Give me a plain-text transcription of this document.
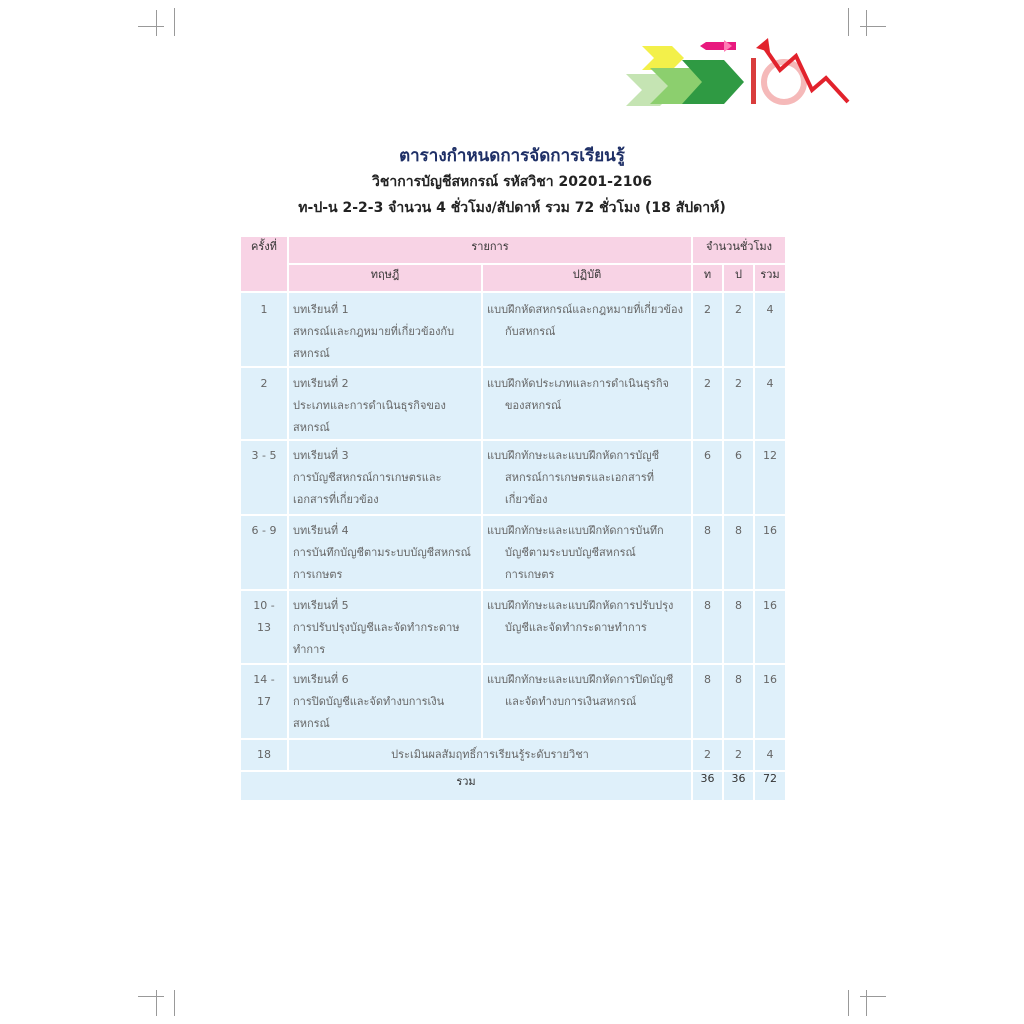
ตารางกำหนดการจัดการเรียนรู้
วิชาการบัญชีสหกรณ์ รหัสวิชา 20201-2106
ท-ป-น 2-2-3 จำนวน 4 ชั่วโมง/สัปดาห์ รวม 72 ชั่วโมง (18 สัปดาห์)
ครั้งที่	รายการ		จำนวนชั่วโมง		
	ทฤษฎี	ปฏิบัติ	ท	ป	รวม
1	บทเรียนที่ 1
สหกรณ์และกฎหมายที่เกี่ยวข้องกับ
สหกรณ์	แบบฝึกหัดสหกรณ์และกฎหมายที่เกี่ยวข้อง
กับสหกรณ์	2	2	4
2	บทเรียนที่ 2
ประเภทและการดำเนินธุรกิจของสหกรณ์	แบบฝึกหัดประเภทและการดำเนินธุรกิจ
ของสหกรณ์	2	2	4
3 - 5	บทเรียนที่ 3
การบัญชีสหกรณ์การเกษตรและ
เอกสารที่เกี่ยวข้อง	แบบฝึกทักษะและแบบฝึกหัดการบัญชี
สหกรณ์การเกษตรและเอกสารที่
เกี่ยวข้อง	6	6	12
6 - 9	บทเรียนที่ 4
การบันทึกบัญชีตามระบบบัญชีสหกรณ์
การเกษตร	แบบฝึกทักษะและแบบฝึกหัดการบันทึก
บัญชีตามระบบบัญชีสหกรณ์
การเกษตร	8	8	16
10 - 13	บทเรียนที่ 5
การปรับปรุงบัญชีและจัดทำกระดาษ
ทำการ	แบบฝึกทักษะและแบบฝึกหัดการปรับปรุง
บัญชีและจัดทำกระดาษทำการ	8	8	16
14 - 17	บทเรียนที่ 6
การปิดบัญชีและจัดทำงบการเงิน
สหกรณ์	แบบฝึกทักษะและแบบฝึกหัดการปิดบัญชี
และจัดทำงบการเงินสหกรณ์	8	8	16
18	ประเมินผลสัมฤทธิ์การเรียนรู้ระดับรายวิชา		2	2	4
รวม			36	36	72
